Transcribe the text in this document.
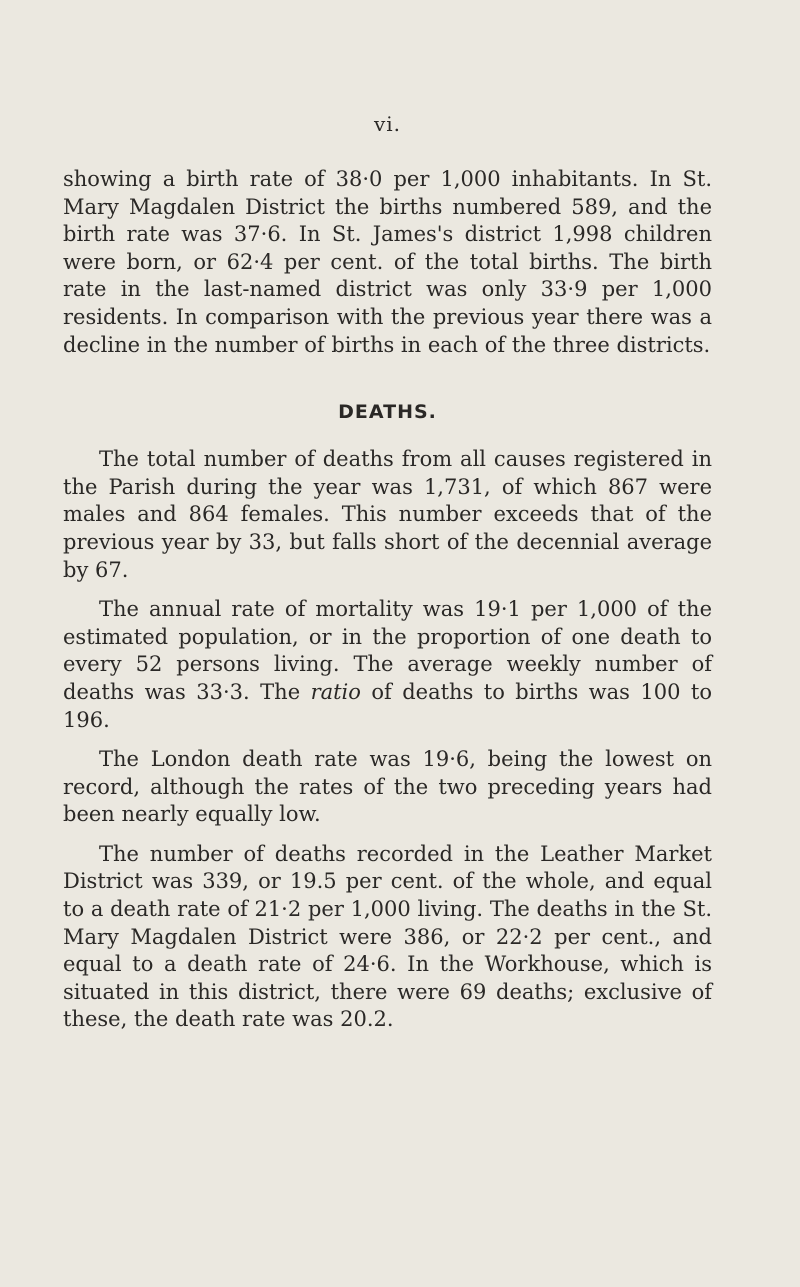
vi.

showing a birth rate of 38·0 per 1,000 inhabitants. In St. Mary Magdalen District the births numbered 589, and the birth rate was 37·6. In St. James's district 1,998 children were born, or 62·4 per cent. of the total births. The birth rate in the last-named district was only 33·9 per 1,000 residents. In comparison with the previous year there was a decline in the number of births in each of the three districts.

DEATHS.

The total number of deaths from all causes registered in the Parish during the year was 1,731, of which 867 were males and 864 females. This number exceeds that of the previous year by 33, but falls short of the decennial average by 67.

The annual rate of mortality was 19·1 per 1,000 of the estimated population, or in the proportion of one death to every 52 persons living. The average weekly number of deaths was 33·3. The ratio of deaths to births was 100 to 196.

The London death rate was 19·6, being the lowest on record, although the rates of the two preceding years had been nearly equally low.

The number of deaths recorded in the Leather Market District was 339, or 19.5 per cent. of the whole, and equal to a death rate of 21·2 per 1,000 living. The deaths in the St. Mary Magdalen District were 386, or 22·2 per cent., and equal to a death rate of 24·6. In the Workhouse, which is situated in this district, there were 69 deaths; exclusive of these, the death rate was 20.2.
